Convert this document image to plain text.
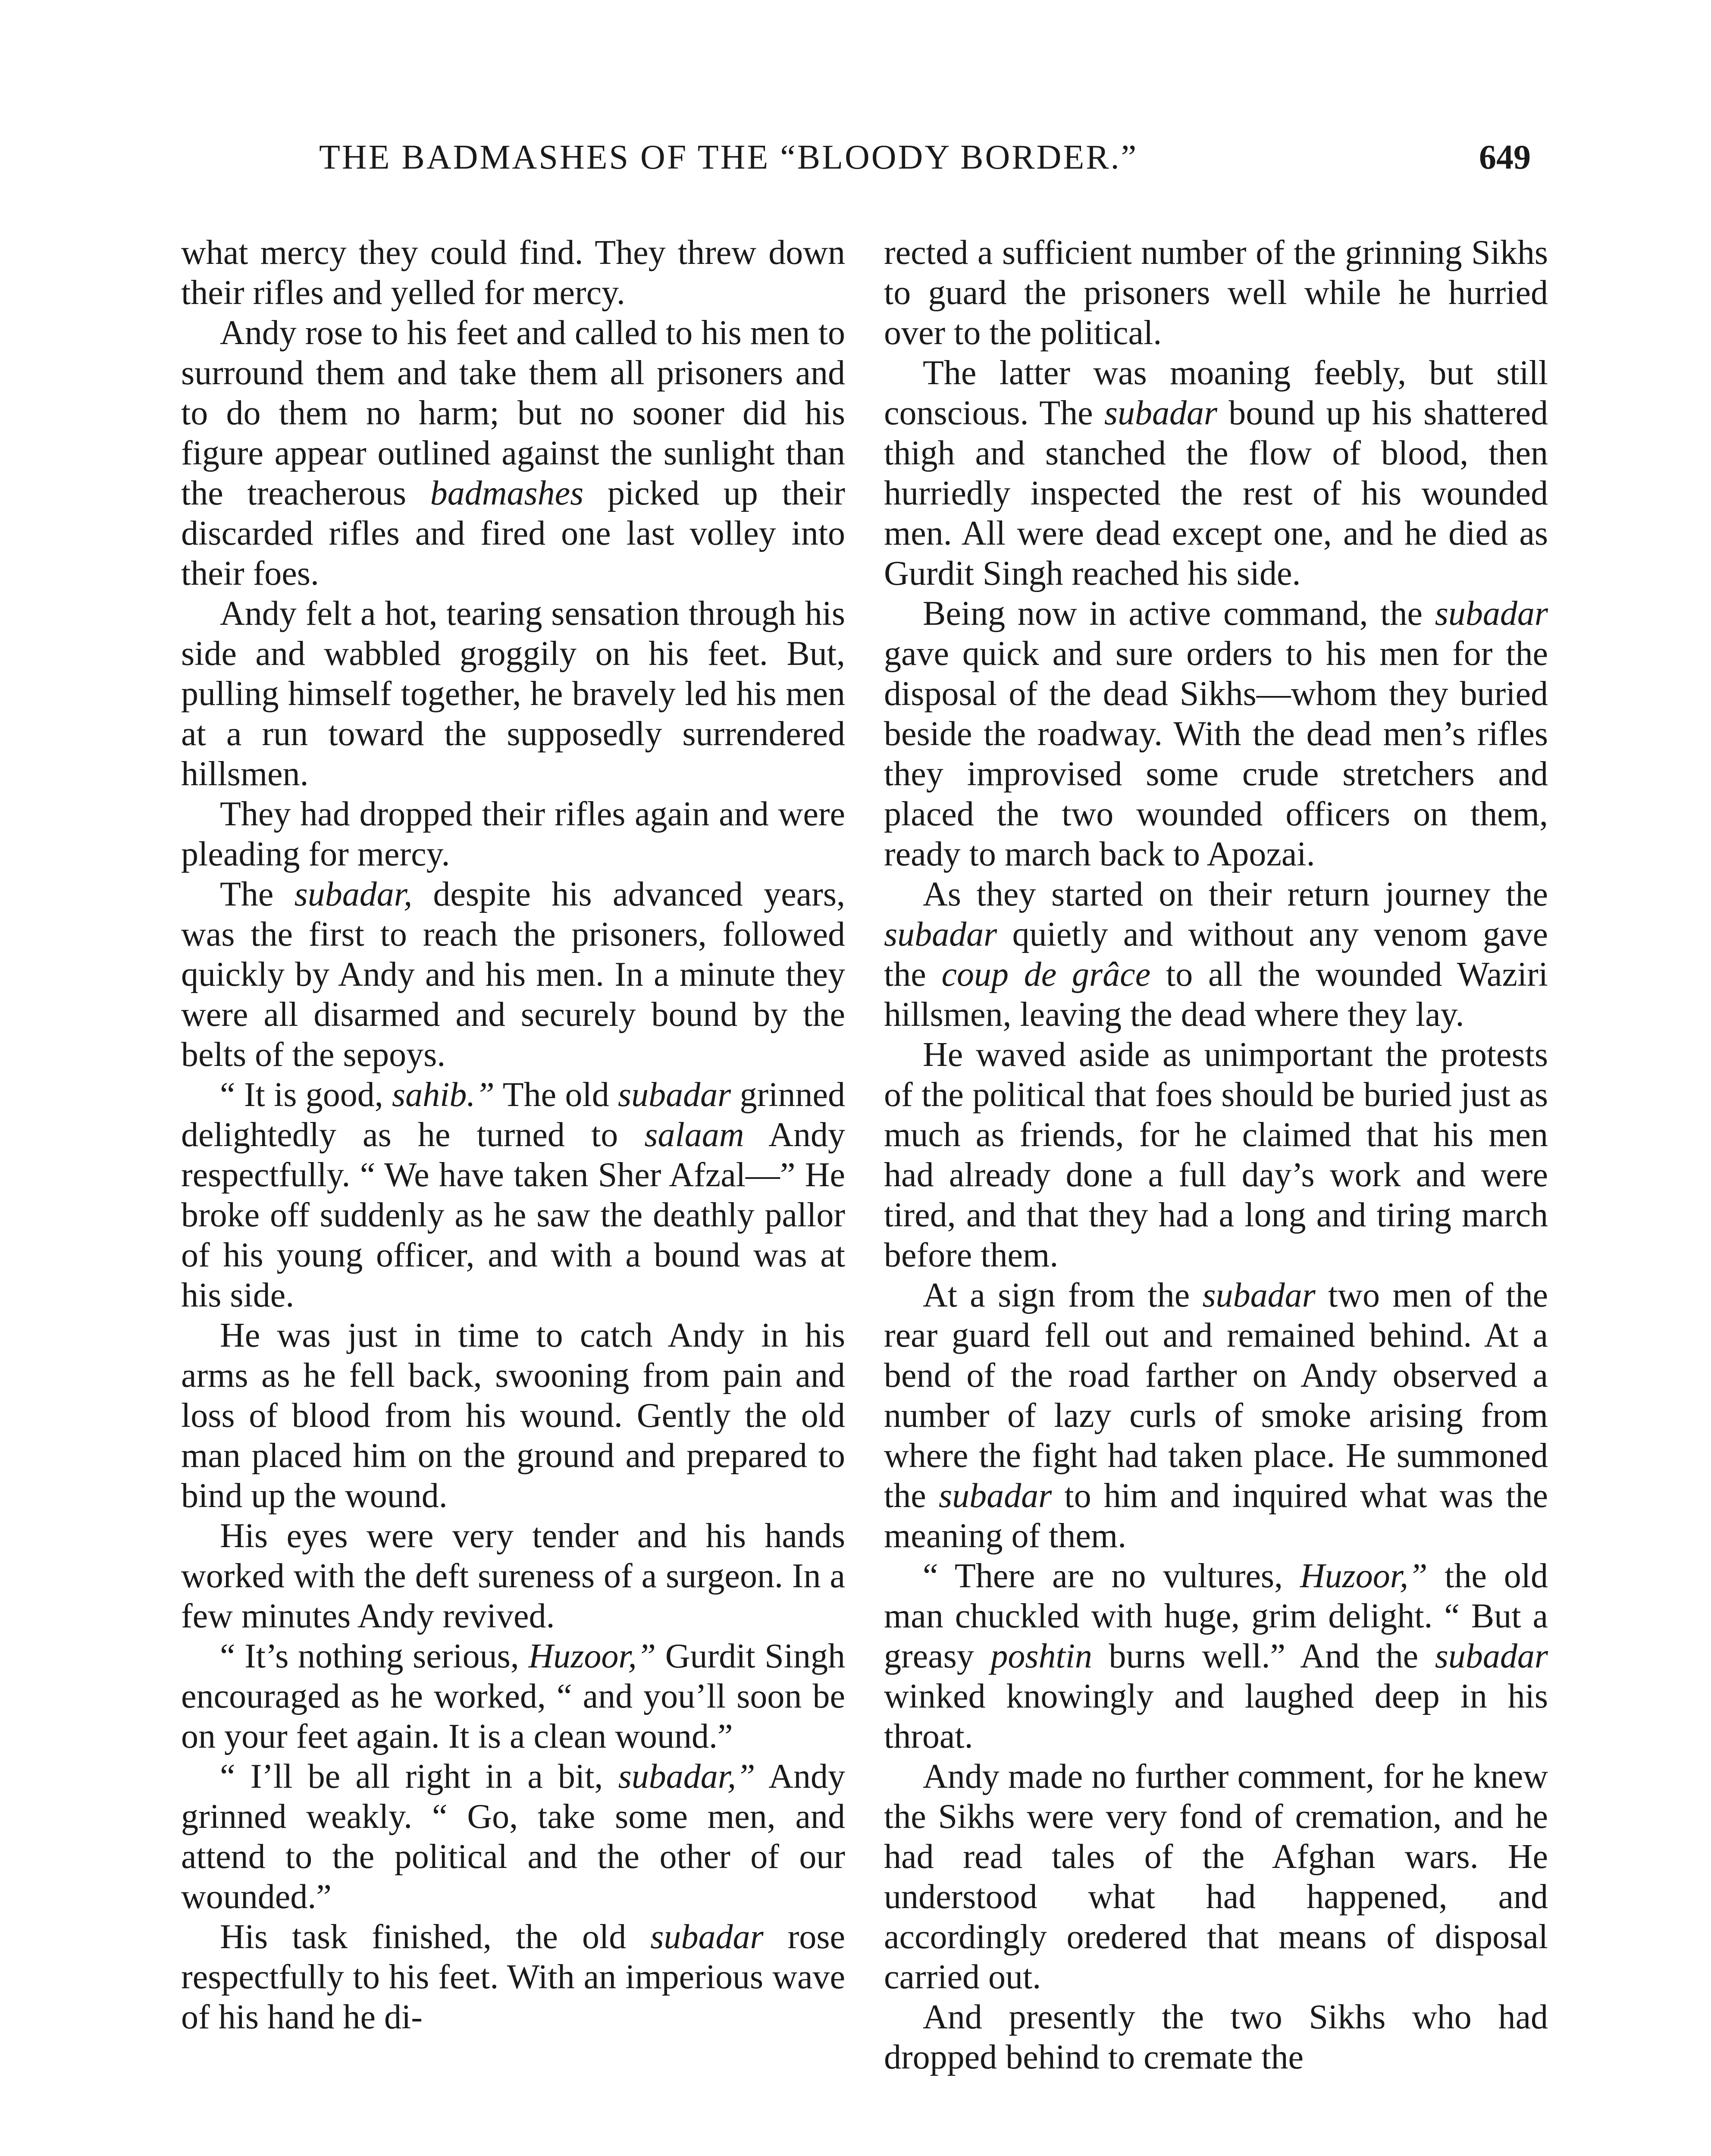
THE BADMASHES OF THE “BLOODY BORDER.”	649

what mercy they could find. They threw down their rifles and yelled for mercy.

Andy rose to his feet and called to his men to surround them and take them all prisoners and to do them no harm; but no sooner did his figure appear outlined against the sunlight than the treacherous badmashes picked up their discarded rifles and fired one last volley into their foes.

Andy felt a hot, tearing sensation through his side and wabbled groggily on his feet. But, pulling himself together, he bravely led his men at a run toward the supposedly surrendered hillsmen.

They had dropped their rifles again and were pleading for mercy.

The subadar, despite his advanced years, was the first to reach the prisoners, followed quickly by Andy and his men. In a minute they were all disarmed and securely bound by the belts of the sepoys.

“ It is good, sahib.” The old subadar grinned delightedly as he turned to salaam Andy respectfully. “ We have taken Sher Afzal—” He broke off suddenly as he saw the deathly pallor of his young officer, and with a bound was at his side.

He was just in time to catch Andy in his arms as he fell back, swooning from pain and loss of blood from his wound. Gently the old man placed him on the ground and prepared to bind up the wound.

His eyes were very tender and his hands worked with the deft sureness of a surgeon. In a few minutes Andy revived.

“ It’s nothing serious, Huzoor,” Gurdit Singh encouraged as he worked, “ and you’ll soon be on your feet again. It is a clean wound.”

“ I’ll be all right in a bit, subadar,” Andy grinned weakly. “ Go, take some men, and attend to the political and the other of our wounded.”

His task finished, the old subadar rose respectfully to his feet. With an imperious wave of his hand he di-

rected a sufficient number of the grinning Sikhs to guard the prisoners well while he hurried over to the political.

The latter was moaning feebly, but still conscious. The subadar bound up his shattered thigh and stanched the flow of blood, then hurriedly inspected the rest of his wounded men. All were dead except one, and he died as Gurdit Singh reached his side.

Being now in active command, the subadar gave quick and sure orders to his men for the disposal of the dead Sikhs—whom they buried beside the roadway. With the dead men’s rifles they improvised some crude stretchers and placed the two wounded officers on them, ready to march back to Apozai.

As they started on their return journey the subadar quietly and without any venom gave the coup de grâce to all the wounded Waziri hillsmen, leaving the dead where they lay.

He waved aside as unimportant the protests of the political that foes should be buried just as much as friends, for he claimed that his men had already done a full day’s work and were tired, and that they had a long and tiring march before them.

At a sign from the subadar two men of the rear guard fell out and remained behind. At a bend of the road farther on Andy observed a number of lazy curls of smoke arising from where the fight had taken place. He summoned the subadar to him and inquired what was the meaning of them.

“ There are no vultures, Huzoor,” the old man chuckled with huge, grim delight. “ But a greasy poshtin burns well.” And the subadar winked knowingly and laughed deep in his throat.

Andy made no further comment, for he knew the Sikhs were very fond of cremation, and he had read tales of the Afghan wars. He understood what had happened, and accordingly oredered that means of disposal carried out.

And presently the two Sikhs who had dropped behind to cremate the
